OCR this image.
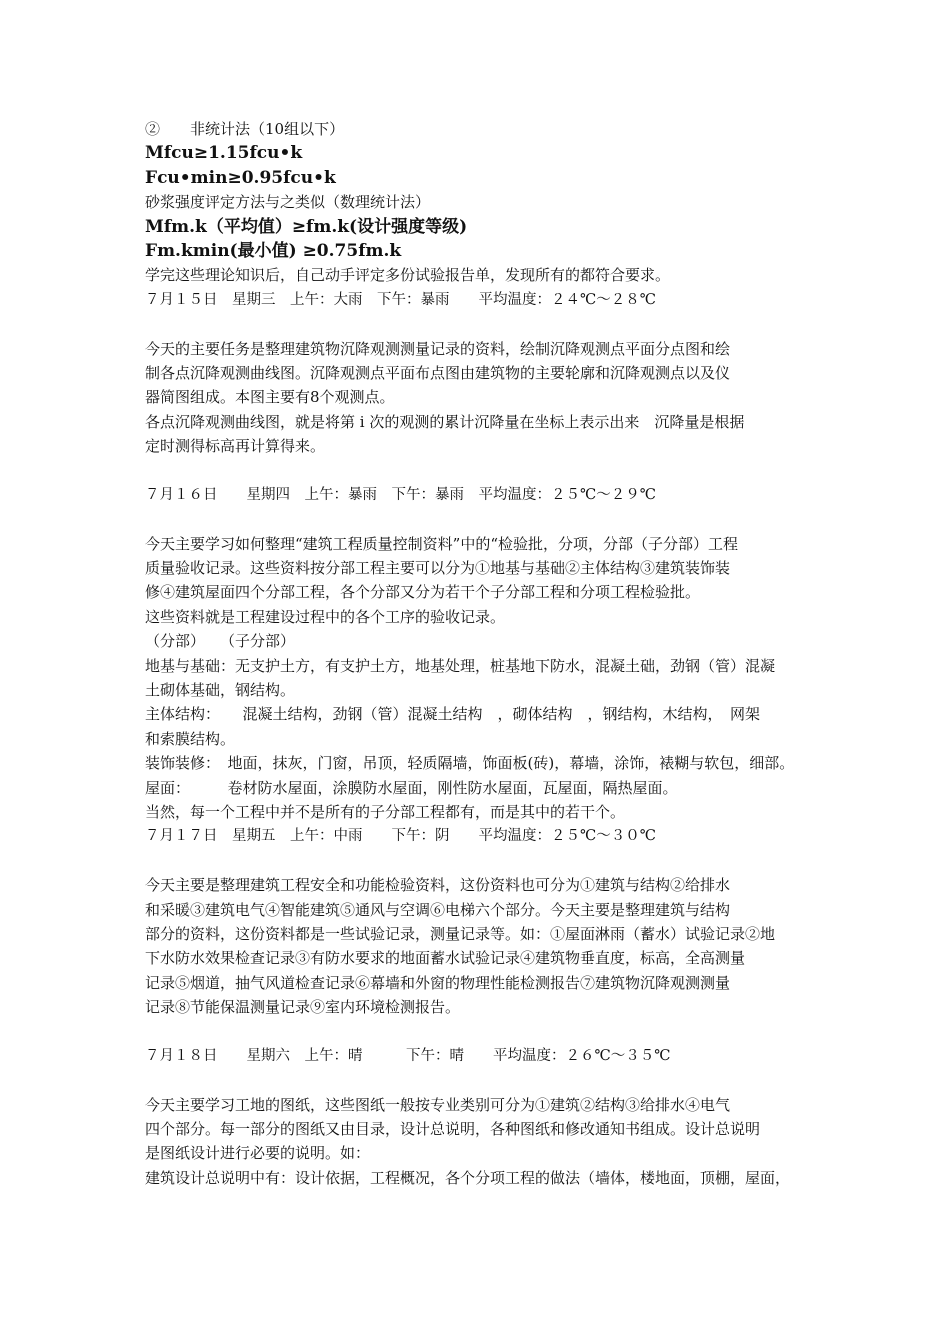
②　　非统计法（10组以下）
Mfcu≥1.15fcu•k
Fcu•min≥0.95fcu•k
砂浆强度评定方法与之类似（数理统计法）
Mfm.k（平均值）≥fm.k(设计强度等级)
Fm.kmin(最小值) ≥0.75fm.k
学完这些理论知识后，自己动手评定多份试验报告单，发现所有的都符合要求。
７月１５日　星期三　上午：大雨　下午：暴雨　　平均温度：２４℃～２８℃
今天的主要任务是整理建筑物沉降观测测量记录的资料，绘制沉降观测点平面分点图和绘
制各点沉降观测曲线图。沉降观测点平面布点图由建筑物的主要轮廓和沉降观测点以及仪
器简图组成。本图主要有8个观测点。
各点沉降观测曲线图，就是将第 i 次的观测的累计沉降量在坐标上表示出来　沉降量是根据
定时测得标高再计算得来。
７月１６日　　星期四　上午：暴雨　下午：暴雨　平均温度：２５℃～２９℃
今天主要学习如何整理“建筑工程质量控制资料”中的“检验批，分项，分部（子分部）工程
质量验收记录。这些资料按分部工程主要可以分为①地基与基础②主体结构③建筑装饰装
修④建筑屋面四个分部工程，各个分部又分为若干个子分部工程和分项工程检验批。
这些资料就是工程建设过程中的各个工序的验收记录。
（分部）　　（子分部）
地基与基础：无支护土方，有支护土方，地基处理，桩基地下防水，混凝土础，劲钢（管）混凝
土砌体基础，钢结构。
主体结构：　　混凝土结构，劲钢（管）混凝土结构　，砌体结构　，钢结构，木结构，　网架
和索膜结构。
装饰装修：　地面，抹灰，门窗，吊顶，轻质隔墙，饰面板(砖)，幕墙，涂饰，裱糊与软包，细部。
屋面：　　　卷材防水屋面，涂膜防水屋面，刚性防水屋面，瓦屋面，隔热屋面。
当然，每一个工程中并不是所有的子分部工程都有，而是其中的若干个。
７月１７日　星期五　上午：中雨　　下午：阴　　平均温度：２５℃～３０℃
今天主要是整理建筑工程安全和功能检验资料，这份资料也可分为①建筑与结构②给排水
和采暖③建筑电气④智能建筑⑤通风与空调⑥电梯六个部分。今天主要是整理建筑与结构
部分的资料，这份资料都是一些试验记录，测量记录等。如：①屋面淋雨（蓄水）试验记录②地
下水防水效果检查记录③有防水要求的地面蓄水试验记录④建筑物垂直度，标高，全高测量
记录⑤烟道，抽气风道检查记录⑥幕墙和外窗的物理性能检测报告⑦建筑物沉降观测测量
记录⑧节能保温测量记录⑨室内环境检测报告。
７月１８日　　星期六　上午：晴　　　下午：晴　　平均温度：２６℃～３５℃
今天主要学习工地的图纸，这些图纸一般按专业类别可分为①建筑②结构③给排水④电气
四个部分。每一部分的图纸又由目录，设计总说明，各种图纸和修改通知书组成。设计总说明
是图纸设计进行必要的说明。如：
建筑设计总说明中有：设计依据，工程概况，各个分项工程的做法（墙体，楼地面，顶棚，屋面，
